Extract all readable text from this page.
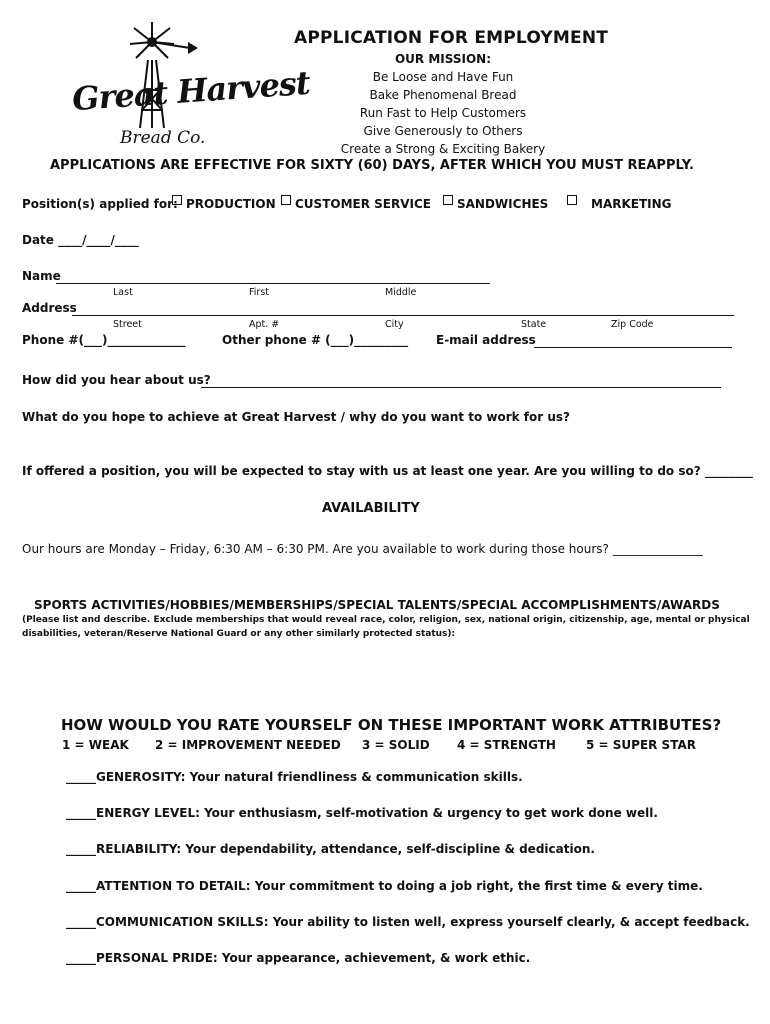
Great Harvest
Bread Co.
APPLICATION FOR EMPLOYMENT
OUR MISSION:
Be Loose and Have Fun
Bake Phenomenal Bread
Run Fast to Help Customers
Give Generously to Others
Create a Strong & Exciting Bakery
APPLICATIONS ARE EFFECTIVE FOR SIXTY (60) DAYS, AFTER WHICH YOU MUST REAPPLY.
Position(s) applied for: PRODUCTION	CUSTOMER SERVICE	SANDWICHES	MARKETING
Date ____/____/____
Name
Last	First	Middle
Address
Street	Apt. #	City	State	Zip Code
Phone #(___)_____________	Other phone # (___)_________ E-mail address
How did you hear about us?
What do you hope to achieve at Great Harvest / why do you want to work for us?
If offered a position, you will be expected to stay with us at least one year. Are you willing to do so? ________
AVAILABILITY
Our hours are Monday – Friday, 6:30 AM – 6:30 PM. Are you available to work during those hours? _______________
SPORTS ACTIVITIES/HOBBIES/MEMBERSHIPS/SPECIAL TALENTS/SPECIAL ACCOMPLISHMENTS/AWARDS
(Please list and describe. Exclude memberships that would reveal race, color, religion, sex, national origin, citizenship, age, mental or physical
disabilities, veteran/Reserve National Guard or any other similarly protected status):
HOW WOULD YOU RATE YOURSELF ON THESE IMPORTANT WORK ATTRIBUTES?
1 = WEAK 2 = IMPROVEMENT NEEDED 3 = SOLID 4 = STRENGTH	5 = SUPER STAR
_____GENEROSITY: Your natural friendliness & communication skills.
_____ENERGY LEVEL: Your enthusiasm, self-motivation & urgency to get work done well.
_____RELIABILITY: Your dependability, attendance, self-discipline & dedication.
_____ATTENTION TO DETAIL: Your commitment to doing a job right, the first time & every time.
_____COMMUNICATION SKILLS: Your ability to listen well, express yourself clearly, & accept feedback.
_____PERSONAL PRIDE: Your appearance, achievement, & work ethic.
